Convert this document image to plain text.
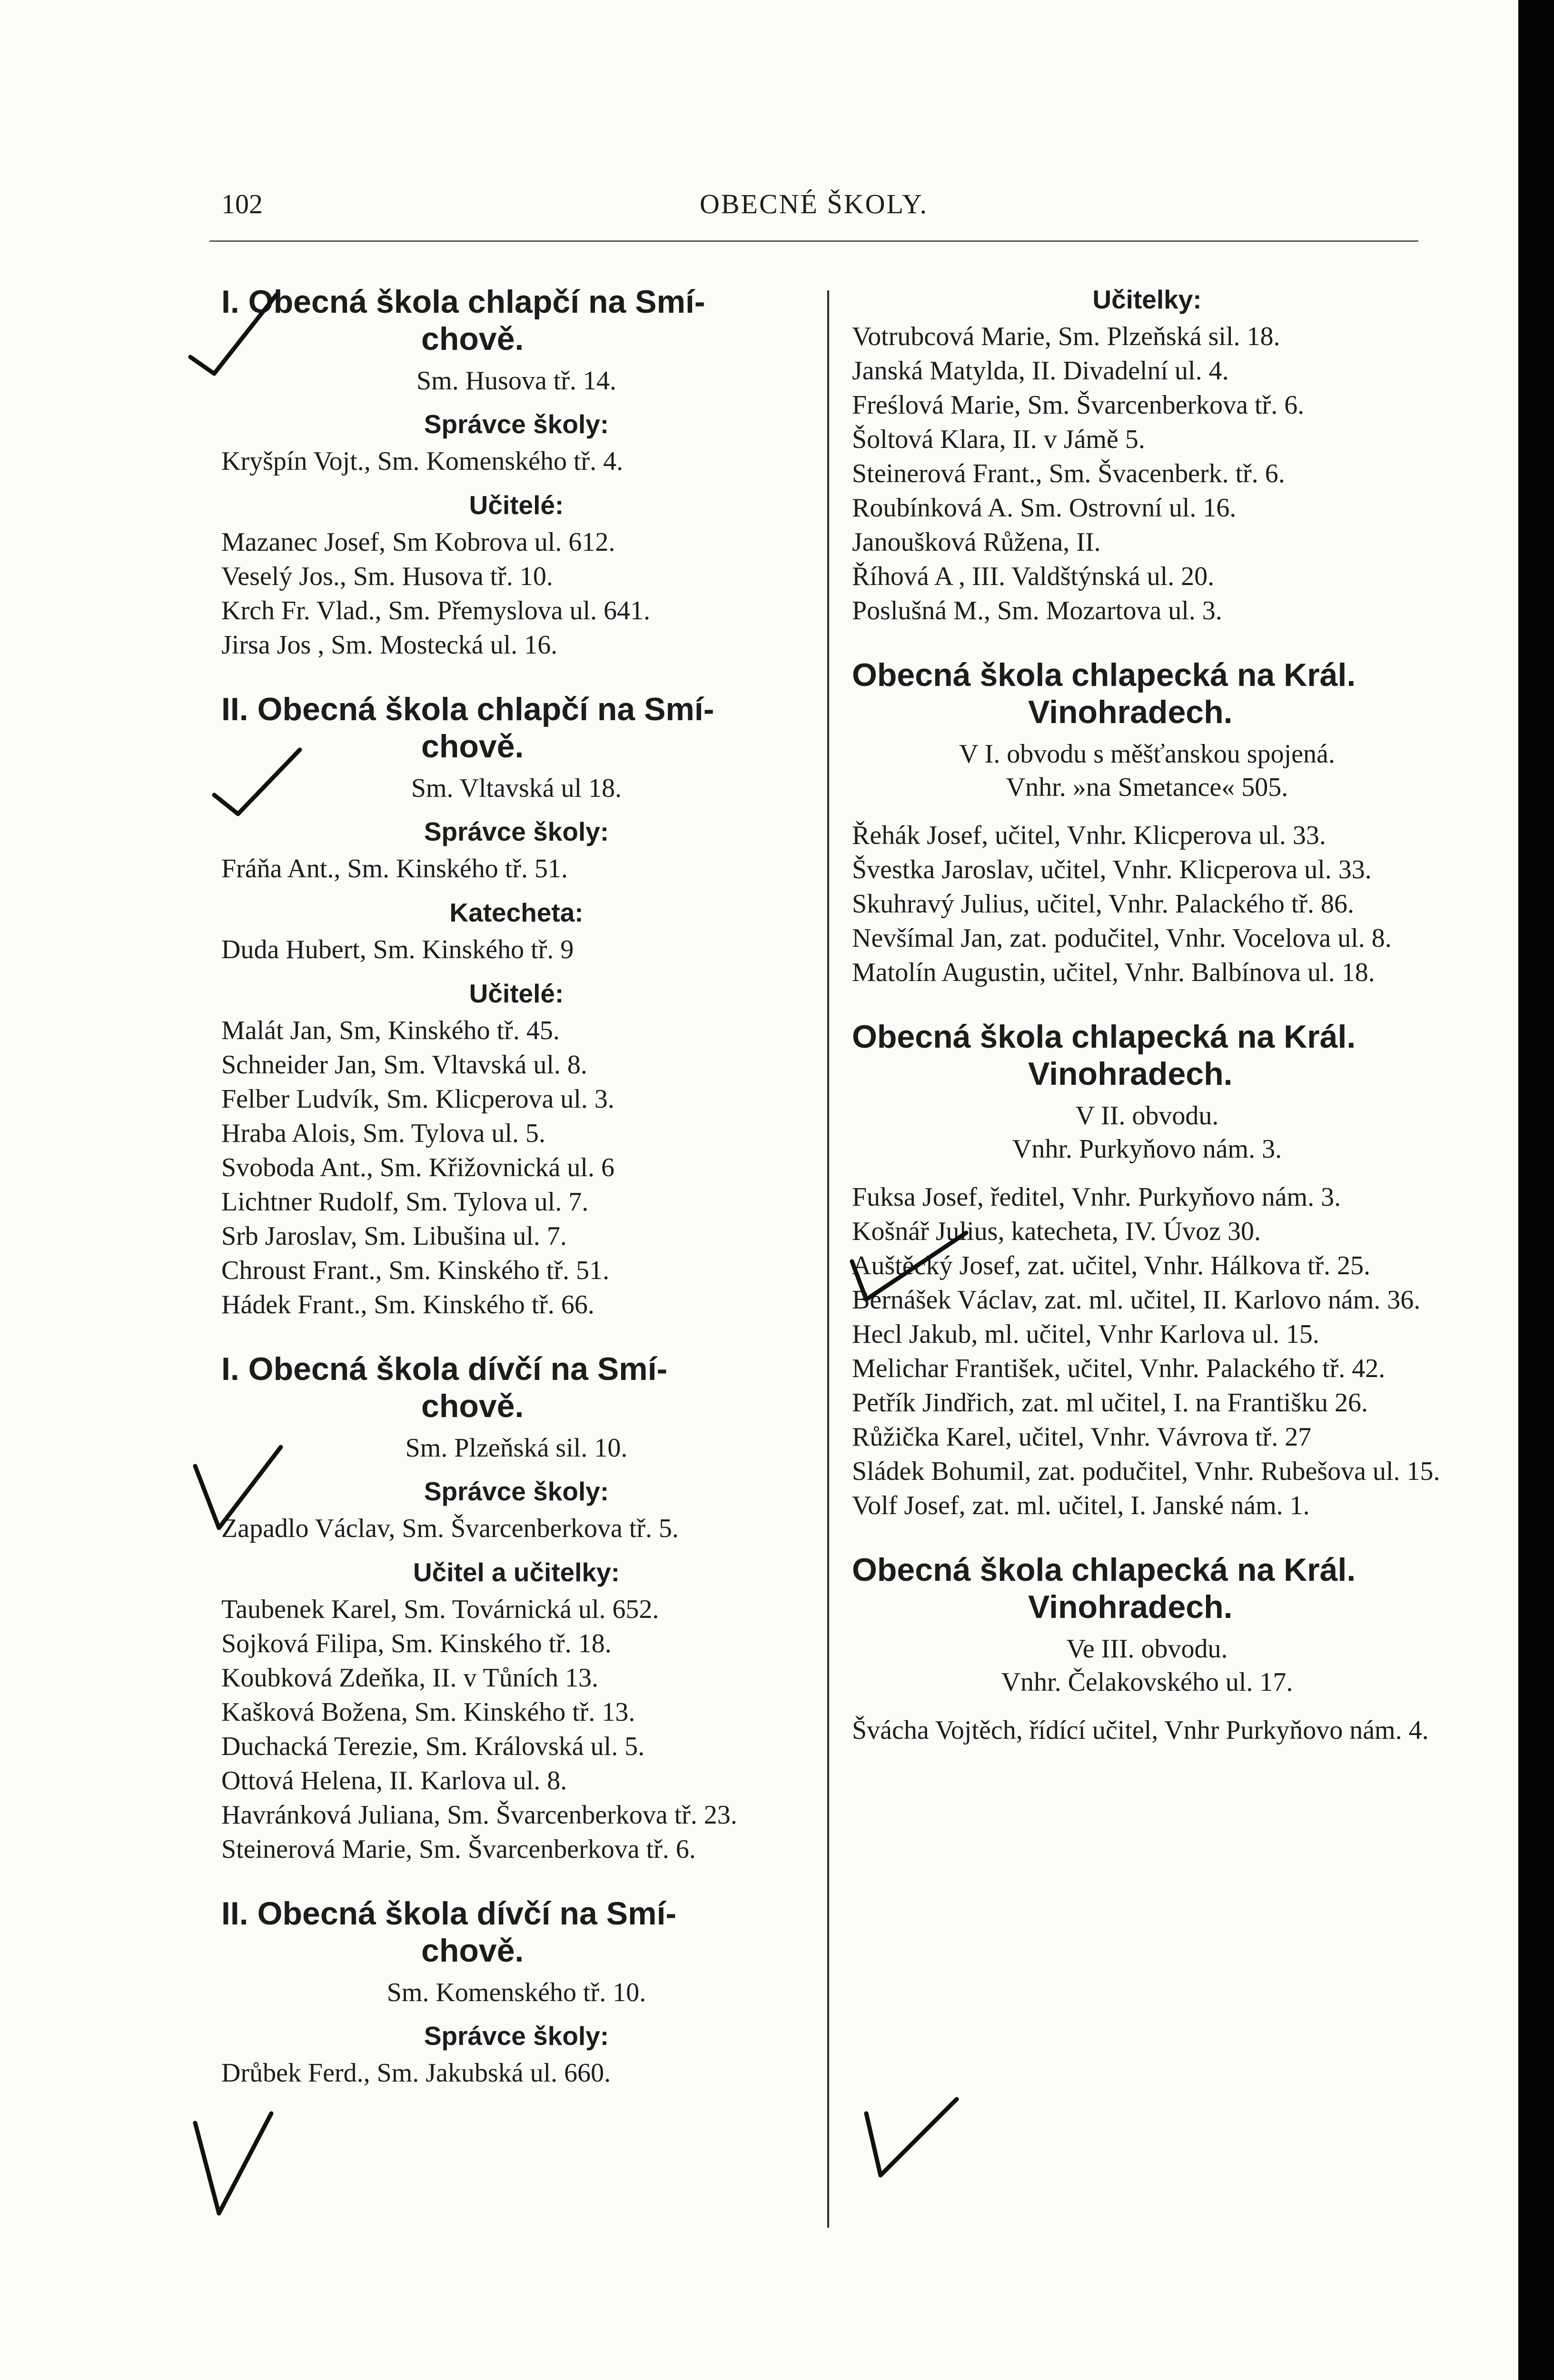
102	OBECNÉ ŠKOLY.
I. Obecná škola chlapčí na Smí-
chově.
Sm. Husova tř. 14.
Správce školy:
Kryšpín Vojt., Sm. Komenského tř. 4.
Učitelé:
Mazanec Josef, Sm Kobrova ul. 612.
Veselý Jos., Sm. Husova tř. 10.
Krch Fr. Vlad., Sm. Přemyslova ul. 641.
Jirsa Jos , Sm. Mostecká ul. 16.
II. Obecná škola chlapčí na Smí-
chově.
Sm. Vltavská ul 18.
Správce školy:
Fráňa Ant., Sm. Kinského tř. 51.
Katecheta:
Duda Hubert, Sm. Kinského tř. 9
Učitelé:
Malát Jan, Sm, Kinského tř. 45.
Schneider Jan, Sm. Vltavská ul. 8.
Felber Ludvík, Sm. Klicperova ul. 3.
Hraba Alois, Sm. Tylova ul. 5.
Svoboda Ant., Sm. Křižovnická ul. 6
Lichtner Rudolf, Sm. Tylova ul. 7.
Srb Jaroslav, Sm. Libušina ul. 7.
Chroust Frant., Sm. Kinského tř. 51.
Hádek Frant., Sm. Kinského tř. 66.
I. Obecná škola dívčí na Smí-
chově.
Sm. Plzeňská sil. 10.
Správce školy:
Zapadlo Václav, Sm. Švarcenberkova tř. 5.
Učitel a učitelky:
Taubenek Karel, Sm. Továrnická ul. 652.
Sojková Filipa, Sm. Kinského tř. 18.
Koubková Zdeňka, II. v Tůních 13.
Kašková Božena, Sm. Kinského tř. 13.
Duchacká Terezie, Sm. Královská ul. 5.
Ottová Helena, II. Karlova ul. 8.
Havránková Juliana, Sm. Švarcenberkova tř. 23.
Steinerová Marie, Sm. Švarcenberkova tř. 6.
II. Obecná škola dívčí na Smí-
chově.
Sm. Komenského tř. 10.
Správce školy:
Drůbek Ferd., Sm. Jakubská ul. 660.
Učitelky:
Votrubcová Marie, Sm. Plzeňská sil. 18.
Janská Matylda, II. Divadelní ul. 4.
Freślová Marie, Sm. Švarcenberkova tř. 6.
Šoltová Klara, II. v Jámě 5.
Steinerová Frant., Sm. Švacenberk. tř. 6.
Roubínková A. Sm. Ostrovní ul. 16.
Janoušková Růžena, II.
Říhová A , III. Valdštýnská ul. 20.
Poslušná M., Sm. Mozartova ul. 3.
Obecná škola chlapecká na Král.
Vinohradech.
V I. obvodu s měšťanskou spojená.
Vnhr. »na Smetance« 505.
Řehák Josef, učitel, Vnhr. Klicperova ul. 33.
Švestka Jaroslav, učitel, Vnhr. Klicperova ul. 33.
Skuhravý Julius, učitel, Vnhr. Palackého tř. 86.
Nevšímal Jan, zat. podučitel, Vnhr. Vocelova ul. 8.
Matolín Augustin, učitel, Vnhr. Balbínova ul. 18.
Obecná škola chlapecká na Král.
Vinohradech.
V II. obvodu.
Vnhr. Purkyňovo nám. 3.
Fuksa Josef, ředitel, Vnhr. Purkyňovo nám. 3.
Košnář Julius, katecheta, IV. Úvoz 30.
Auštěcký Josef, zat. učitel, Vnhr. Hálkova tř. 25.
Bernášek Václav, zat. ml. učitel, II. Karlovo nám. 36.
Hecl Jakub, ml. učitel, Vnhr Karlova ul. 15.
Melichar František, učitel, Vnhr. Palackého tř. 42.
Petřík Jindřich, zat. ml učitel, I. na Františku 26.
Růžička Karel, učitel, Vnhr. Vávrova tř. 27
Sládek Bohumil, zat. podučitel, Vnhr. Rubešova ul. 15.
Volf Josef, zat. ml. učitel, I. Janské nám. 1.
Obecná škola chlapecká na Král.
Vinohradech.
Ve III. obvodu.
Vnhr. Čelakovského ul. 17.
Švácha Vojtěch, řídící učitel, Vnhr Purkyňovo nám. 4.
